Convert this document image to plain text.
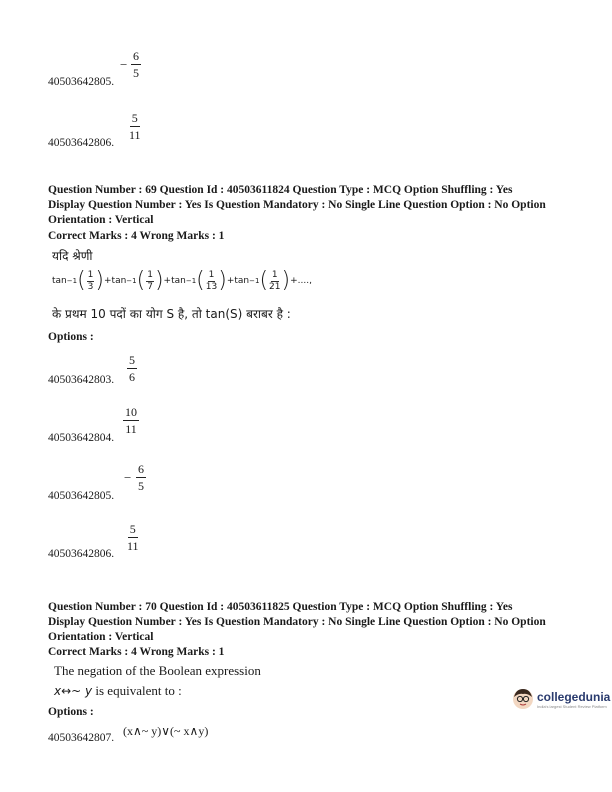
− $\frac{6}{5}$
40503642805.
$\frac{5}{11}$
40503642806.
Question Number : 69 Question Id : 40503611824 Question Type : MCQ Option Shuffling : Yes
Display Question Number : Yes Is Question Mandatory : No Single Line Question Option : No Option
Orientation : Vertical
Correct Marks : 4 Wrong Marks : 1
यदि श्रेणी
tan −1 ( 1
3 ) + tan −1 ( 1
7 ) + tan −1 ( 1
13 ) + tan −1 ( 1
21 ) +....,
के प्रथम 10 पदों का योग S है, तो tan(S) बराबर है :
Options :
$\frac{5}{6}$
40503642803.
$\frac{10}{11}$
40503642804.
− $\frac{6}{5}$
40503642805.
$\frac{5}{11}$
40503642806.
Question Number : 70 Question Id : 40503611825 Question Type : MCQ Option Shuffling : Yes
Display Question Number : Yes Is Question Mandatory : No Single Line Question Option : No Option
Orientation : Vertical
Correct Marks : 4 Wrong Marks : 1
The negation of the Boolean expression
x↔~ y is equivalent to :
Options :
(x∧~ y)∨(~ x∧y)
40503642807.
collegedunia
India's largest Student Review Platform
